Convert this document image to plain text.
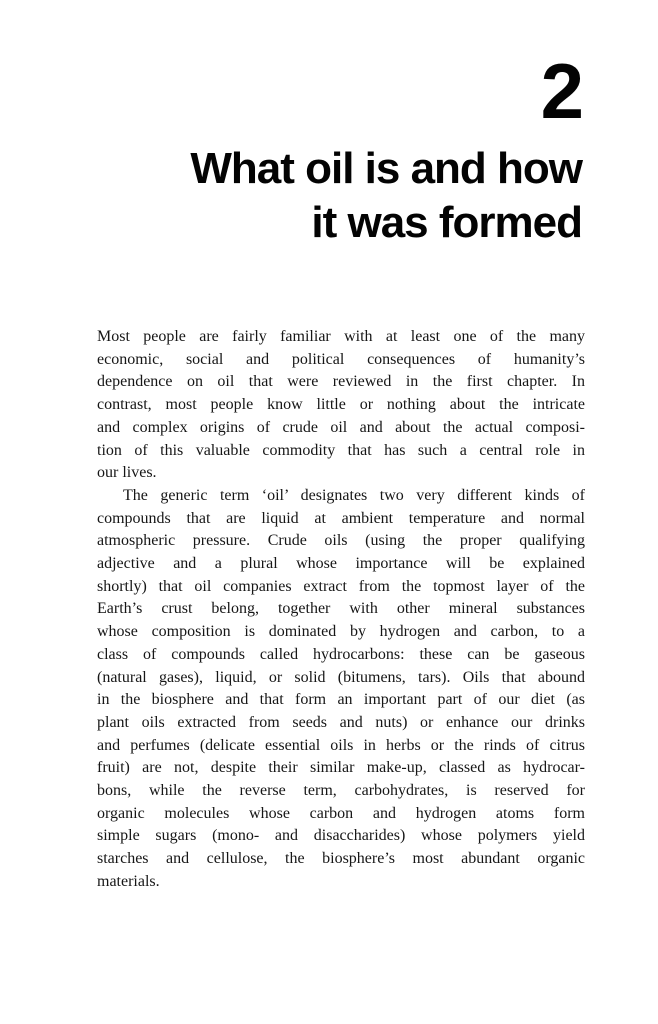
2
What oil is and how
it was formed
Most people are fairly familiar with at least one of the many
economic, social and political consequences of humanity’s
dependence on oil that were reviewed in the first chapter. In
contrast, most people know little or nothing about the intricate
and complex origins of crude oil and about the actual composi-
tion of this valuable commodity that has such a central role in
our lives.
The generic term ‘oil’ designates two very different kinds of
compounds that are liquid at ambient temperature and normal
atmospheric pressure. Crude oils (using the proper qualifying
adjective and a plural whose importance will be explained
shortly) that oil companies extract from the topmost layer of the
Earth’s crust belong, together with other mineral substances
whose composition is dominated by hydrogen and carbon, to a
class of compounds called hydrocarbons: these can be gaseous
(natural gases), liquid, or solid (bitumens, tars). Oils that abound
in the biosphere and that form an important part of our diet (as
plant oils extracted from seeds and nuts) or enhance our drinks
and perfumes (delicate essential oils in herbs or the rinds of citrus
fruit) are not, despite their similar make-up, classed as hydrocar-
bons, while the reverse term, carbohydrates, is reserved for
organic molecules whose carbon and hydrogen atoms form
simple sugars (mono- and disaccharides) whose polymers yield
starches and cellulose, the biosphere’s most abundant organic
materials.
